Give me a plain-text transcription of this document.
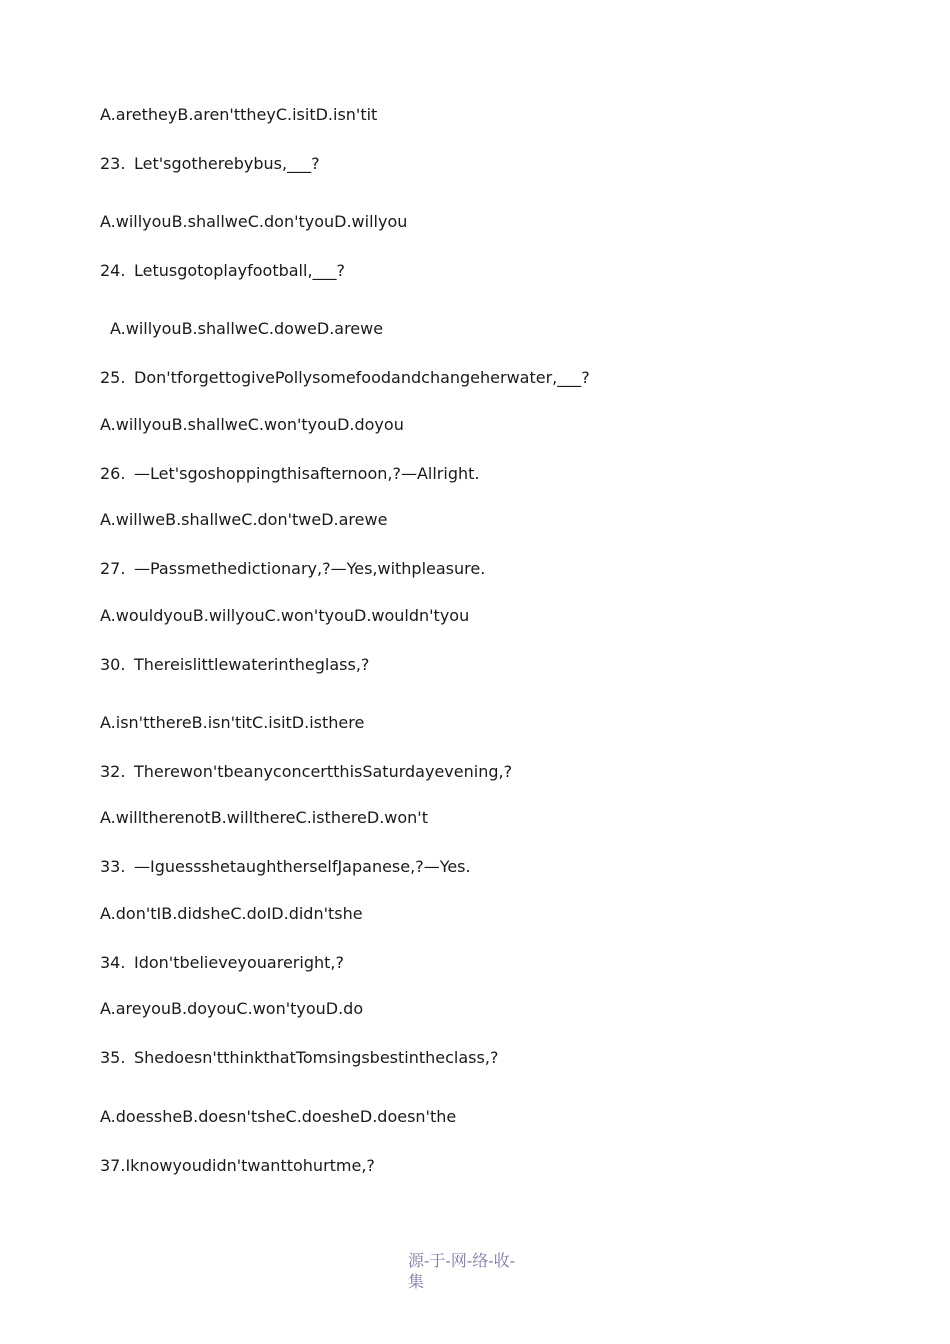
A.aretheyB.aren'ttheyC.isitD.isn'tit
23. Let'sgotherebybus,___?
A.willyouB.shallweC.don'tyouD.willyou
24. Letusgotoplayfootball,___?
A.willyouB.shallweC.doweD.arewe
25. Don'tforgettogivePollysomefoodandchangeherwater,___?
A.willyouB.shallweC.won'tyouD.doyou
26. —Let'sgoshoppingthisafternoon,?—Allright.
A.willweB.shallweC.don'tweD.arewe
27. —Passmethedictionary,?—Yes,withpleasure.
A.wouldyouB.willyouC.won'tyouD.wouldn'tyou
30. Thereislittlewaterintheglass,?
A.isn'tthereB.isn'titC.isitD.isthere
32. Therewon'tbeanyconcertthisSaturdayevening,?
A.willtherenotB.willthereC.isthereD.won't
33. —IguessshetaughtherselfJapanese,?—Yes.
A.don'tIB.didsheC.doID.didn'tshe
34. Idon'tbelieveyouareright,?
A.areyouB.doyouC.won'tyouD.do
35. Shedoesn'tthinkthatTomsingsbestintheclass,?
A.doessheB.doesn'tsheC.doesheD.doesn'the
37.Iknowyoudidn'twanttohurtme,?
源-于-网-络-收-
集
